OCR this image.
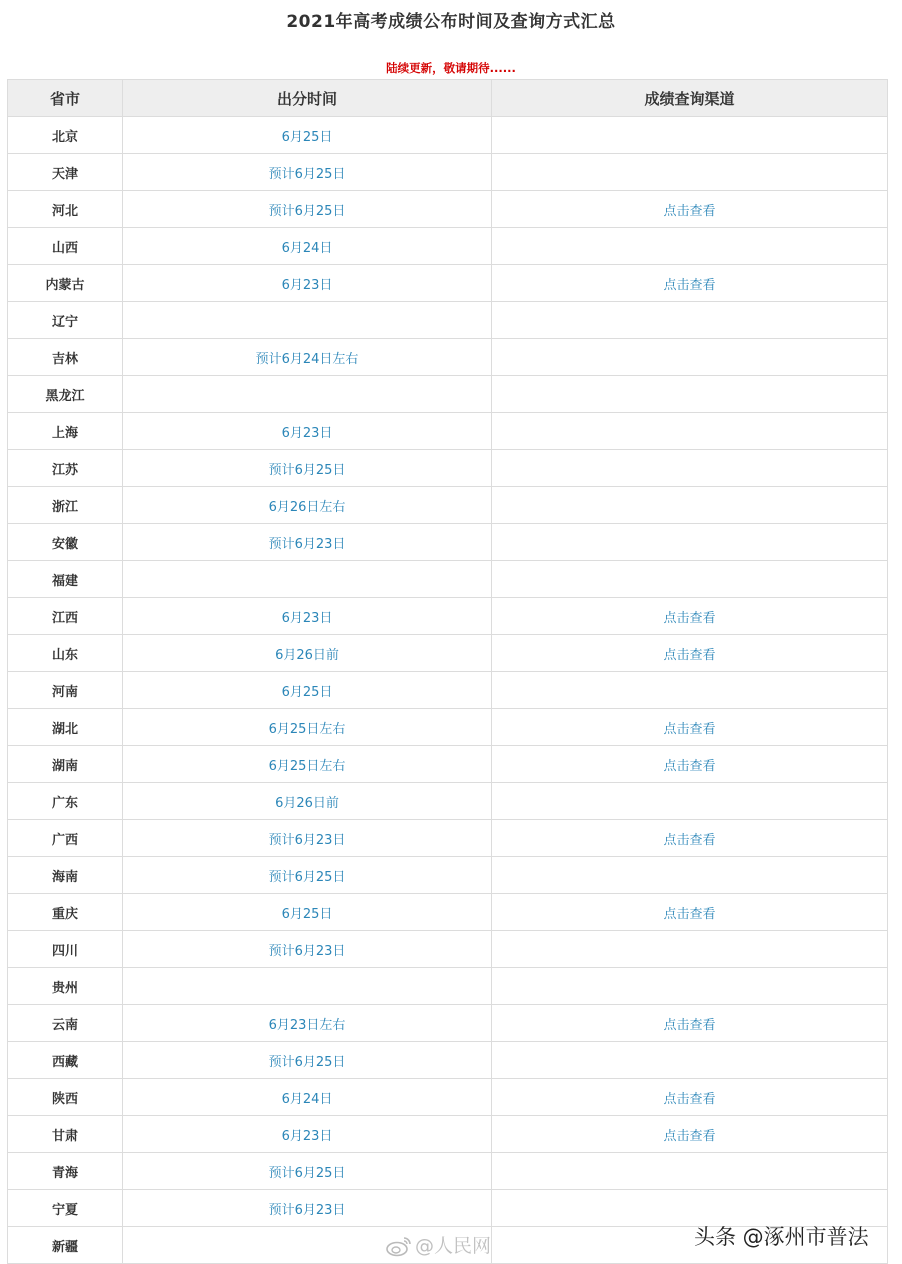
2021年高考成绩公布时间及查询方式汇总
陆续更新，敬请期待......
省市	出分时间	成绩查询渠道
北京	6月25日	
天津	预计6月25日	
河北	预计6月25日	点击查看
山西	6月24日	
内蒙古	6月23日	点击查看
辽宁		
吉林	预计6月24日左右	
黑龙江		
上海	6月23日	
江苏	预计6月25日	
浙江	6月26日左右	
安徽	预计6月23日	
福建		
江西	6月23日	点击查看
山东	6月26日前	点击查看
河南	6月25日	
湖北	6月25日左右	点击查看
湖南	6月25日左右	点击查看
广东	6月26日前	
广西	预计6月23日	点击查看
海南	预计6月25日	
重庆	6月25日	点击查看
四川	预计6月23日	
贵州		
云南	6月23日左右	点击查看
西藏	预计6月25日	
陕西	6月24日	点击查看
甘肃	6月23日	点击查看
青海	预计6月25日	
宁夏	预计6月23日	
新疆			@人民网	头条 @涿州市普法
